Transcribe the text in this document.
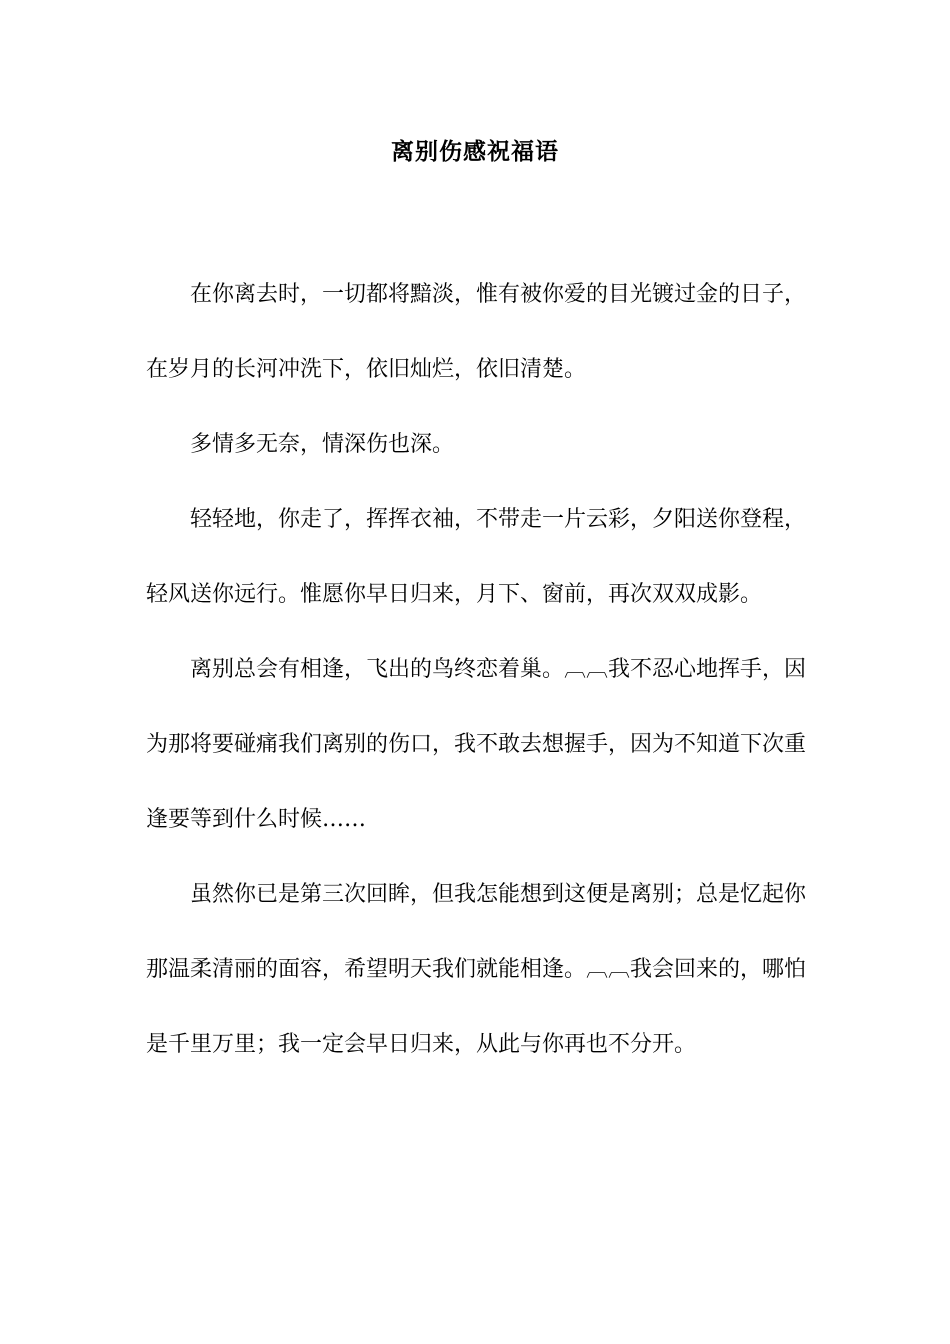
离别伤感祝福语

在你离去时，一切都将黯淡，惟有被你爱的目光镀过金的日子，在岁月的长河冲洗下，依旧灿烂，依旧清楚。

多情多无奈，情深伤也深。

轻轻地，你走了，挥挥衣袖，不带走一片云彩，夕阳送你登程，轻风送你远行。惟愿你早日归来，月下、窗前，再次双双成影。

离别总会有相逢，飞出的鸟终恋着巢。︹︹我不忍心地挥手，因为那将要碰痛我们离别的伤口，我不敢去想握手，因为不知道下次重逢要等到什么时候……

虽然你已是第三次回眸，但我怎能想到这便是离别；总是忆起你那温柔清丽的面容，希望明天我们就能相逢。︹︹我会回来的，哪怕是千里万里；我一定会早日归来，从此与你再也不分开。
